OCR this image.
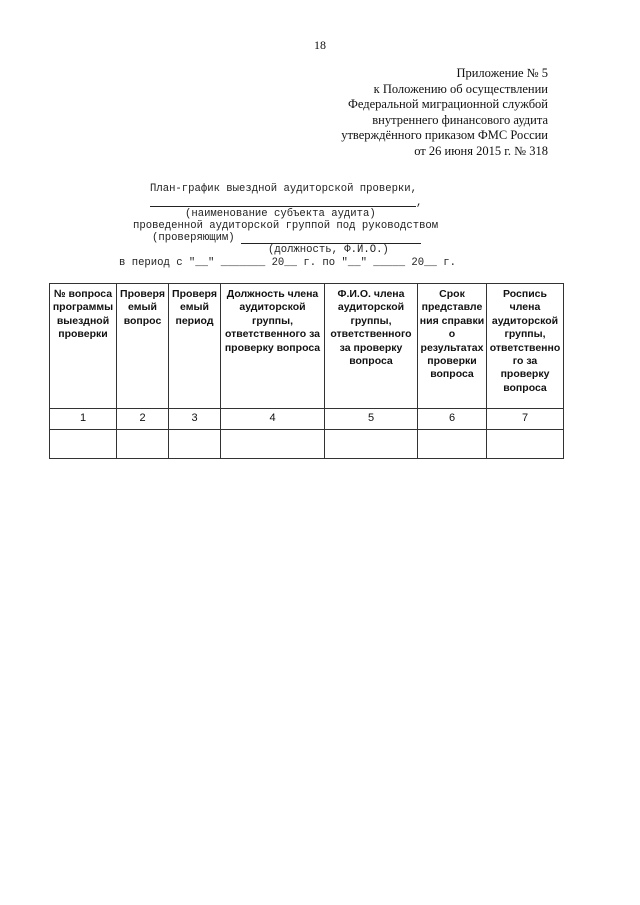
18
Приложение № 5
к Положению об осуществлении
Федеральной миграционной службой
внутреннего финансового аудита
утверждённого приказом ФМС России
от 26 июня 2015 г. № 318
План-график выездной аудиторской проверки,
,
(наименование субъекта аудита)
проведенной аудиторской группой под руководством
(проверяющим)
(должность, Ф.И.О.)
в период с "__" _______ 20__ г. по "__" _____ 20__ г.
№ вопроса программы выездной проверки	Проверя емый вопрос	Проверя емый период	Должность члена аудиторской группы, ответственного за проверку вопроса	Ф.И.О. члена аудиторской группы, ответственного за проверку вопроса	Срок представле ния справки о результатах проверки вопроса	Роспись члена аудиторской группы, ответственно го за проверку вопроса
1	2	3	4	5	6	7
